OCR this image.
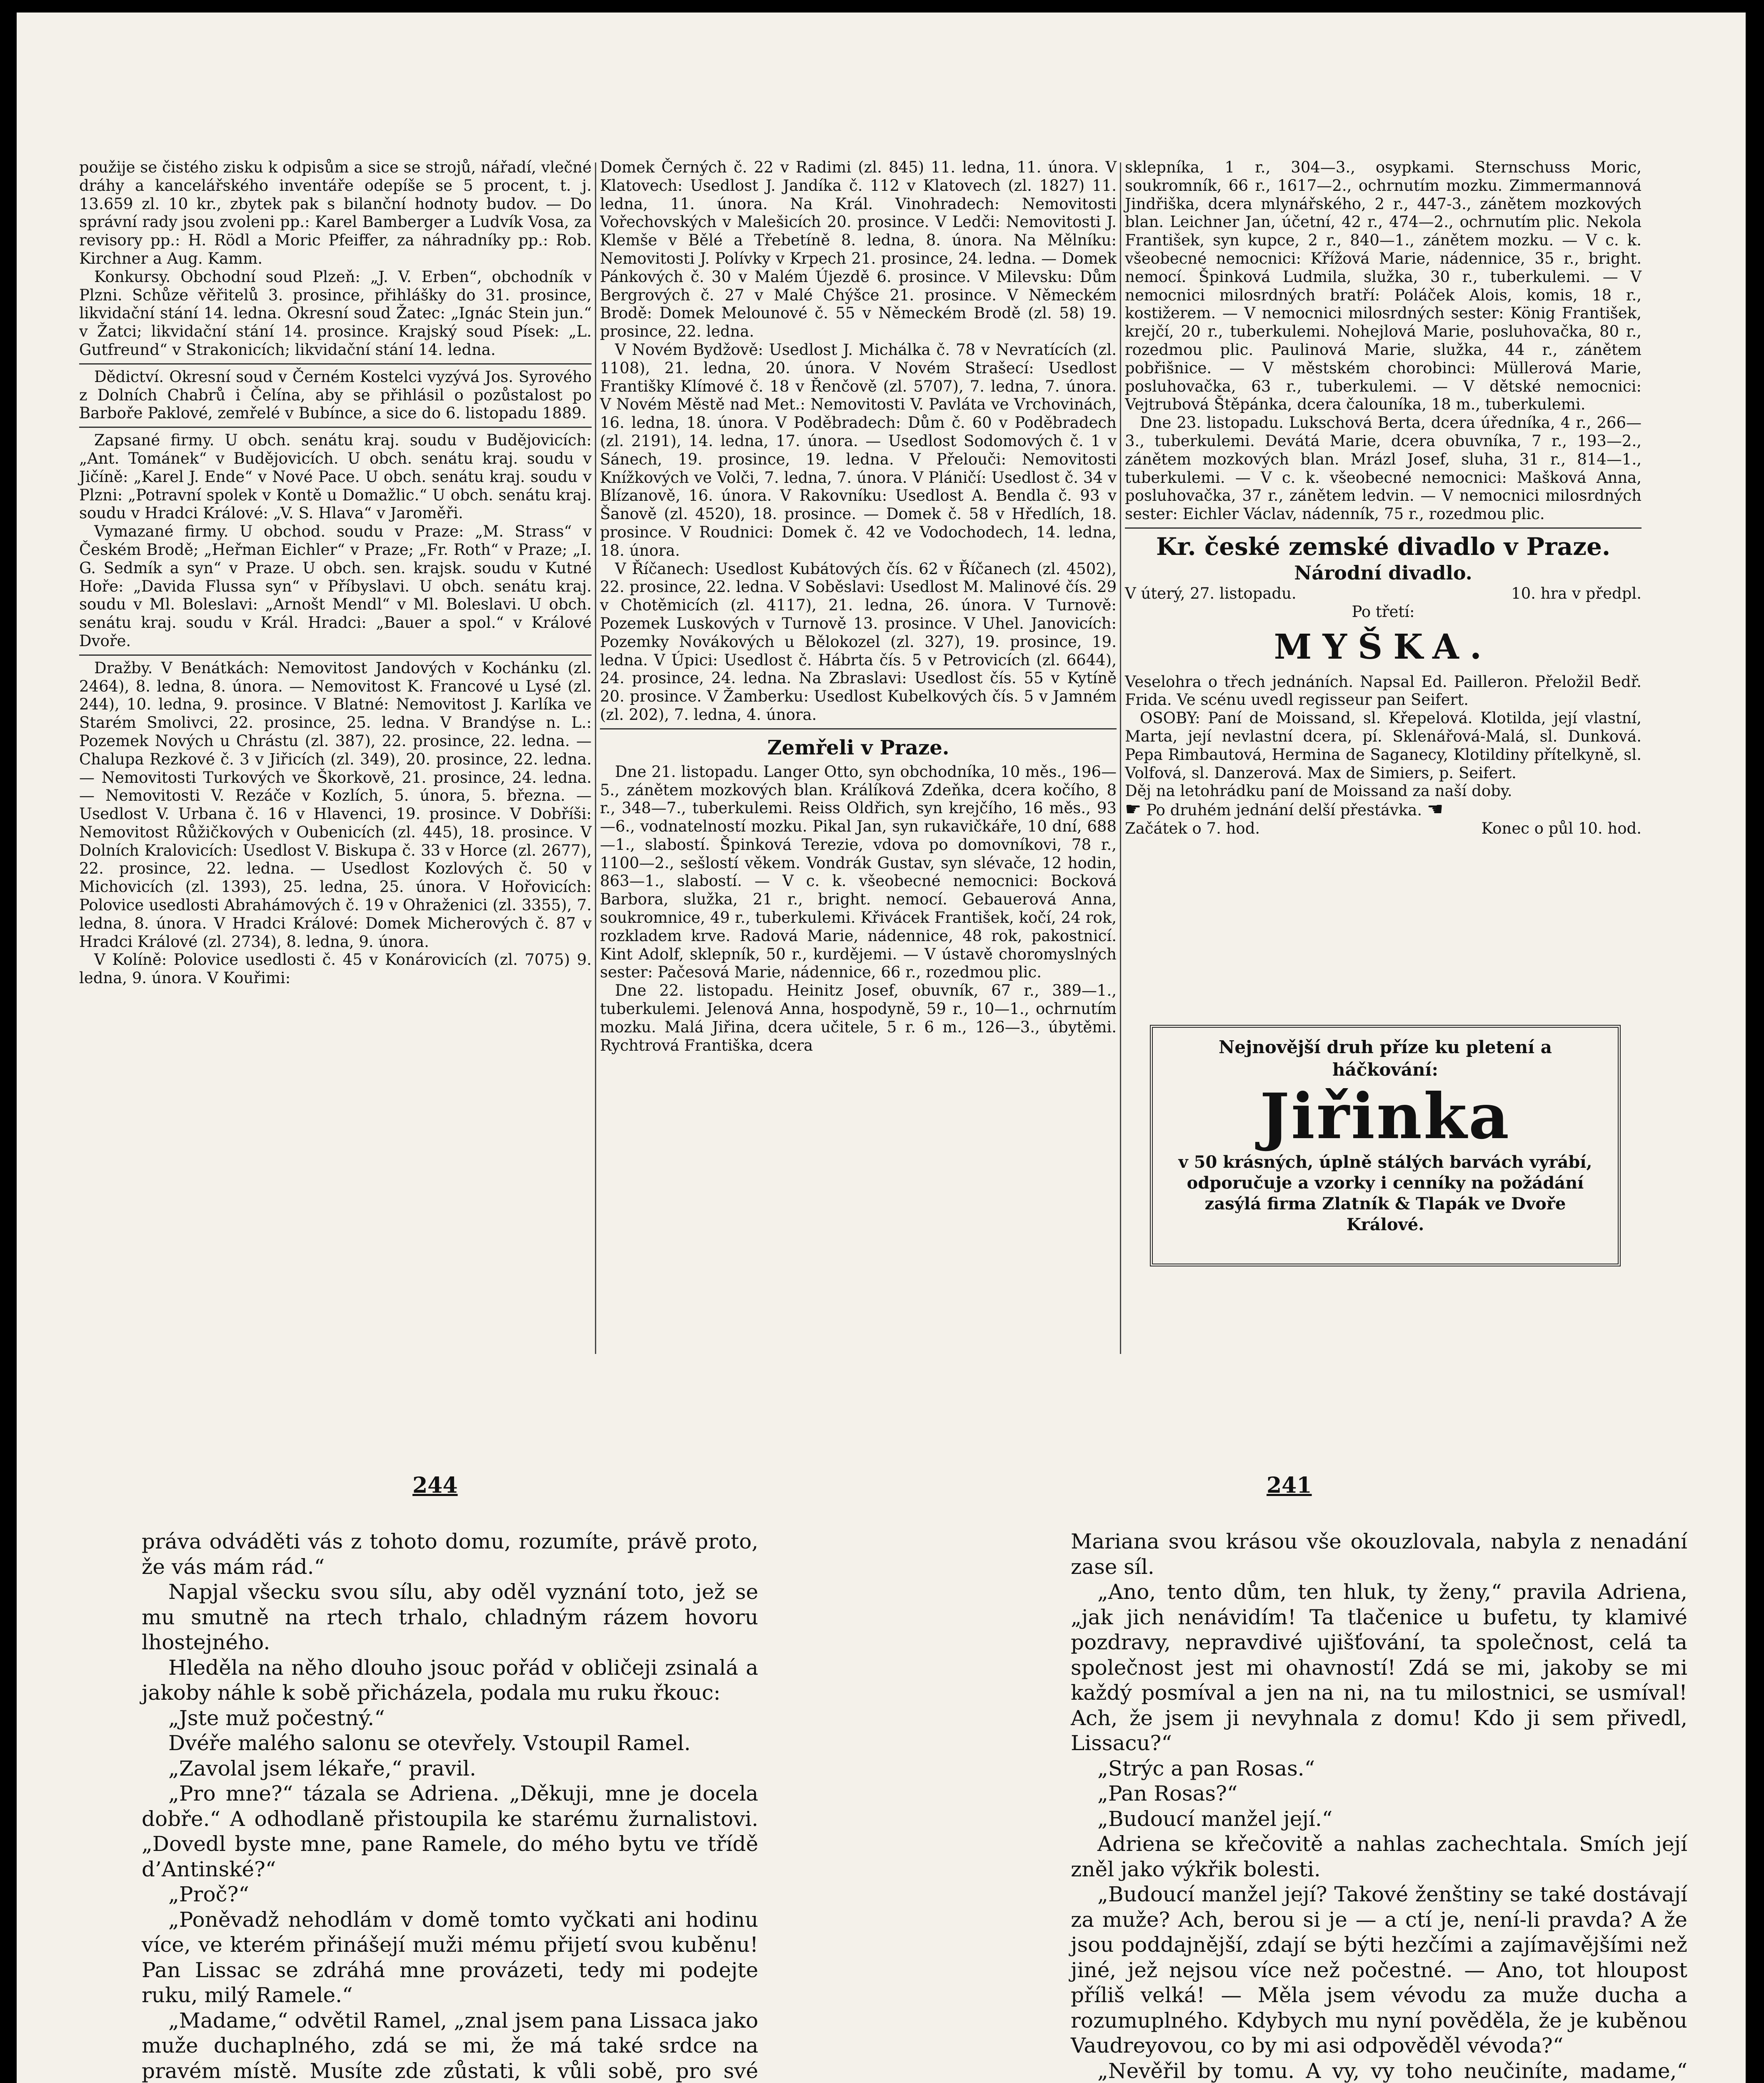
použije se čistého zisku k odpisům a sice se strojů, nářadí, vlečné dráhy a kancelářského inventáře odepíše se 5 procent, t. j. 13.659 zl. 10 kr., zbytek pak s bilanční hodnoty budov. — Do správní rady jsou zvoleni pp.: Karel Bamberger a Ludvík Vosa, za revisory pp.: H. Rödl a Moric Pfeiffer, za náhradníky pp.: Rob. Kirchner a Aug. Kamm.

Konkursy. Obchodní soud Plzeň: „J. V. Erben“, obchodník v Plzni. Schůze věřitelů 3. prosince, přihlášky do 31. prosince, likvidační stání 14. ledna. Okresní soud Žatec: „Ignác Stein jun.“ v Žatci; likvidační stání 14. prosince. Krajský soud Písek: „L. Gutfreund“ v Strakonicích; likvidační stání 14. ledna.

Dědictví. Okresní soud v Černém Kostelci vyzývá Jos. Syrového z Dolních Chabrů i Čelína, aby se přihlásil o pozůstalost po Barboře Paklové, zemřelé v Bubínce, a sice do 6. listopadu 1889.

Zapsané firmy. U obch. senátu kraj. soudu v Budějovicích: „Ant. Tománek“ v Budějovicích. U obch. senátu kraj. soudu v Jičíně: „Karel J. Ende“ v Nové Pace. U obch. senátu kraj. soudu v Plzni: „Potravní spolek v Kontě u Domažlic.“ U obch. senátu kraj. soudu v Hradci Králové: „V. S. Hlava“ v Jaroměři.

Vymazané firmy. U obchod. soudu v Praze: „M. Strass“ v Českém Brodě; „Heřman Eichler“ v Praze; „Fr. Roth“ v Praze; „I. G. Sedmík a syn“ v Praze. U obch. sen. krajsk. soudu v Kutné Hoře: „Davida Flussa syn“ v Příbyslavi. U obch. senátu kraj. soudu v Ml. Boleslavi: „Arnošt Mendl“ v Ml. Boleslavi. U obch. senátu kraj. soudu v Král. Hradci: „Bauer a spol.“ v Králové Dvoře.

Dražby. V Benátkách: Nemovitost Jandových v Kochánku (zl. 2464), 8. ledna, 8. února. — Nemovitost K. Francové u Lysé (zl. 244), 10. ledna, 9. prosince. V Blatné: Nemovitost J. Karlíka ve Starém Smolivci, 22. prosince, 25. ledna. V Brandýse n. L.: Pozemek Nových u Chrástu (zl. 387), 22. prosince, 22. ledna. — Chalupa Rezkové č. 3 v Jiřicích (zl. 349), 20. prosince, 22. ledna. — Nemovitosti Turkových ve Škorkově, 21. prosince, 24. ledna. — Nemovitosti V. Rezáče v Kozlích, 5. února, 5. března. — Usedlost V. Urbana č. 16 v Hlavenci, 19. prosince. V Dobříši: Nemovitost Růžičkových v Oubenicích (zl. 445), 18. prosince. V Dolních Kralovicích: Usedlost V. Biskupa č. 33 v Horce (zl. 2677), 22. prosince, 22. ledna. — Usedlost Kozlových č. 50 v Michovicích (zl. 1393), 25. ledna, 25. února. V Hořovicích: Polovice usedlosti Abrahámových č. 19 v Ohraženici (zl. 3355), 7. ledna, 8. února. V Hradci Králové: Domek Micherových č. 87 v Hradci Králové (zl. 2734), 8. ledna, 9. února.

V Kolíně: Polovice usedlosti č. 45 v Konárovicích (zl. 7075) 9. ledna, 9. února. V Kouřimi:

Domek Černých č. 22 v Radimi (zl. 845) 11. ledna, 11. února. V Klatovech: Usedlost J. Jandíka č. 112 v Klatovech (zl. 1827) 11. ledna, 11. února. Na Král. Vinohradech: Nemovitosti Vořechovských v Malešicích 20. prosince. V Ledči: Nemovitosti J. Klemše v Bělé a Třebetíně 8. ledna, 8. února. Na Mělníku: Nemovitosti J. Polívky v Krpech 21. prosince, 24. ledna. — Domek Pánkových č. 30 v Malém Újezdě 6. prosince. V Milevsku: Dům Bergrových č. 27 v Malé Chýšce 21. prosince. V Německém Brodě: Domek Melounové č. 55 v Německém Brodě (zl. 58) 19. prosince, 22. ledna.

V Novém Bydžově: Usedlost J. Michálka č. 78 v Nevratících (zl. 1108), 21. ledna, 20. února. V Novém Strašecí: Usedlost Františky Klímové č. 18 v Řenčově (zl. 5707), 7. ledna, 7. února. V Novém Městě nad Met.: Nemovitosti V. Pavláta ve Vrchovinách, 16. ledna, 18. února. V Poděbradech: Dům č. 60 v Poděbradech (zl. 2191), 14. ledna, 17. února. — Usedlost Sodomových č. 1 v Sánech, 19. prosince, 19. ledna. V Přelouči: Nemovitosti Knížkových ve Volči, 7. ledna, 7. února. V Pláničí: Usedlost č. 34 v Blízanově, 16. února. V Rakovníku: Usedlost A. Bendla č. 93 v Šanově (zl. 4520), 18. prosince. — Domek č. 58 v Hředlích, 18. prosince. V Roudnici: Domek č. 42 ve Vodochodech, 14. ledna, 18. února.

V Říčanech: Usedlost Kubátových čís. 62 v Říčanech (zl. 4502), 22. prosince, 22. ledna. V Soběslavi: Usedlost M. Malinové čís. 29 v Chotěmicích (zl. 4117), 21. ledna, 26. února. V Turnově: Pozemek Luskových v Turnově 13. prosince. V Uhel. Janovicích: Pozemky Novákových u Bělokozel (zl. 327), 19. prosince, 19. ledna. V Úpici: Usedlost č. Hábrta čís. 5 v Petrovicích (zl. 6644), 24. prosince, 24. ledna. Na Zbraslavi: Usedlost čís. 55 v Kytíně 20. prosince. V Žamberku: Usedlost Kubelkových čís. 5 v Jamném (zl. 202), 7. ledna, 4. února.

Zemřeli v Praze.

Dne 21. listopadu. Langer Otto, syn obchodníka, 10 měs., 196—5., zánětem mozkových blan. Králíková Zdeňka, dcera kočího, 8 r., 348—7., tuberkulemi. Reiss Oldřich, syn krejčího, 16 měs., 93—6., vodnatelností mozku. Pikal Jan, syn rukavičkáře, 10 dní, 688—1., slabostí. Špinková Terezie, vdova po domovníkovi, 78 r., 1100—2., sešlostí věkem. Vondrák Gustav, syn slévače, 12 hodin, 863—1., slabostí. — V c. k. všeobecné nemocnici: Bocková Barbora, služka, 21 r., bright. nemocí. Gebauerová Anna, soukromnice, 49 r., tuberkulemi. Křivácek František, kočí, 24 rok, rozkladem krve. Radová Marie, nádennice, 48 rok, pakostnicí. Kint Adolf, sklepník, 50 r., kurdějemi. — V ústavě choromyslných sester: Pačesová Marie, nádennice, 66 r., rozedmou plic.

Dne 22. listopadu. Heinitz Josef, obuvník, 67 r., 389—1., tuberkulemi. Jelenová Anna, hospodyně, 59 r., 10—1., ochrnutím mozku. Malá Jiřina, dcera učitele, 5 r. 6 m., 126—3., úbytěmi. Rychtrová Františka, dcera

sklepníka, 1 r., 304—3., osypkami. Sternschuss Moric, soukromník, 66 r., 1617—2., ochrnutím mozku. Zimmermannová Jindřiška, dcera mlynářského, 2 r., 447-3., zánětem mozkových blan. Leichner Jan, účetní, 42 r., 474—2., ochrnutím plic. Nekola František, syn kupce, 2 r., 840—1., zánětem mozku. — V c. k. všeobecné nemocnici: Křížová Marie, nádennice, 35 r., bright. nemocí. Špinková Ludmila, služka, 30 r., tuberkulemi. — V nemocnici milosrdných bratří: Poláček Alois, komis, 18 r., kostižerem. — V nemocnici milosrdných sester: König František, krejčí, 20 r., tuberkulemi. Nohejlová Marie, posluhovačka, 80 r., rozedmou plic. Paulinová Marie, služka, 44 r., zánětem pobřišnice. — V městském chorobinci: Müllerová Marie, posluhovačka, 63 r., tuberkulemi. — V dětské nemocnici: Vejtrubová Štěpánka, dcera čalouníka, 18 m., tuberkulemi.

Dne 23. listopadu. Lukschová Berta, dcera úředníka, 4 r., 266—3., tuberkulemi. Devátá Marie, dcera obuvníka, 7 r., 193—2., zánětem mozkových blan. Mrázl Josef, sluha, 31 r., 814—1., tuberkulemi. — V c. k. všeobecné nemocnici: Mašková Anna, posluhovačka, 37 r., zánětem ledvin. — V nemocnici milosrdných sester: Eichler Václav, nádenník, 75 r., rozedmou plic.

Kr. české zemské divadlo v Praze.
Národní divadlo.
V úterý, 27. listopadu.	10. hra v předpl.

Po třetí:

MYŠKA.

Veselohra o třech jednáních. Napsal Ed. Pailleron. Přeložil Bedř. Frida. Ve scénu uvedl regisseur pan Seifert.

OSOBY: Paní de Moissand, sl. Křepelová. Klotilda, její vlastní, Marta, její nevlastní dcera, pí. Sklenářová-Malá, sl. Dunková. Pepa Rimbautová, Hermina de Saganecy, Klotildiny přítelkyně, sl. Volfová, sl. Danzerová. Max de Simiers, p. Seifert.

Děj na letohrádku paní de Moissand za naší doby.

☛ Po druhém jednání delší přestávka. ☚

Začátek o 7. hod.	Konec o půl 10. hod.
Nejnovější druh příze ku pletení a háčkování:
Jiřinka
v 50 krásných, úplně stálých barvách vyrábí, odporučuje a vzorky i cenníky na požádání zasýlá firma Zlatník & Tlapák ve Dvoře Králové.
244	241

práva odváděti vás z tohoto domu, rozumíte, právě proto, že vás mám rád.“

Napjal všecku svou sílu, aby oděl vyznání toto, jež se mu smutně na rtech trhalo, chladným rázem hovoru lhostejného.

Hleděla na něho dlouho jsouc pořád v obličeji zsinalá a jakoby náhle k sobě přicházela, podala mu ruku řkouc:

„Jste muž počestný.“

Dvéře malého salonu se otevřely. Vstoupil Ramel.

„Zavolal jsem lékaře,“ pravil.

„Pro mne?“ tázala se Adriena. „Děkuji, mne je docela dobře.“ A odhodlaně přistoupila ke starému žurnalistovi. „Dovedl byste mne, pane Ramele, do mého bytu ve třídě d’Antinské?“

„Proč?“

„Poněvadž nehodlám v domě tomto vyčkati ani hodinu více, ve kterém přinášejí muži mému přijetí svou kuběnu! Pan Lissac se zdráhá mne provázeti, tedy mi podejte ruku, milý Ramele.“

„Madame,“ odvětil Ramel, „znal jsem pana Lissaca jako muže duchaplného, zdá se mi, že má také srdce na pravém místě. Musíte zde zůstati, k vůli sobě, pro své

Mariana svou krásou vše okouzlovala, nabyla z nenadání zase síl.

„Ano, tento dům, ten hluk, ty ženy,“ pravila Adriena, „jak jich nenávidím! Ta tlačenice u bufetu, ty klamivé pozdravy, nepravdivé ujišťování, ta společnost, celá ta společnost jest mi ohavností! Zdá se mi, jakoby se mi každý posmíval a jen na ni, na tu milostnici, se usmíval! Ach, že jsem ji nevyhnala z domu! Kdo ji sem přivedl, Lissacu?“

„Strýc a pan Rosas.“

„Pan Rosas?“

„Budoucí manžel její.“

Adriena se křečovitě a nahlas zachechtala. Smích její zněl jako výkřik bolesti.

„Budoucí manžel její? Takové ženštiny se také dostávají za muže? Ach, berou si je — a ctí je, není-li pravda? A že jsou poddajnější, zdají se býti hezčími a zajímavějšími než jiné, jež nejsou více než počestné. — Ano, tot hloupost příliš velká! — Měla jsem vévodu za muže ducha a rozumuplného. Kdybych mu nyní pověděla, že je kuběnou Vaudreyovou, co by mi asi odpověděl vévoda?“

„Nevěřil by tomu. A vy, vy toho neučiníte, madame,“
